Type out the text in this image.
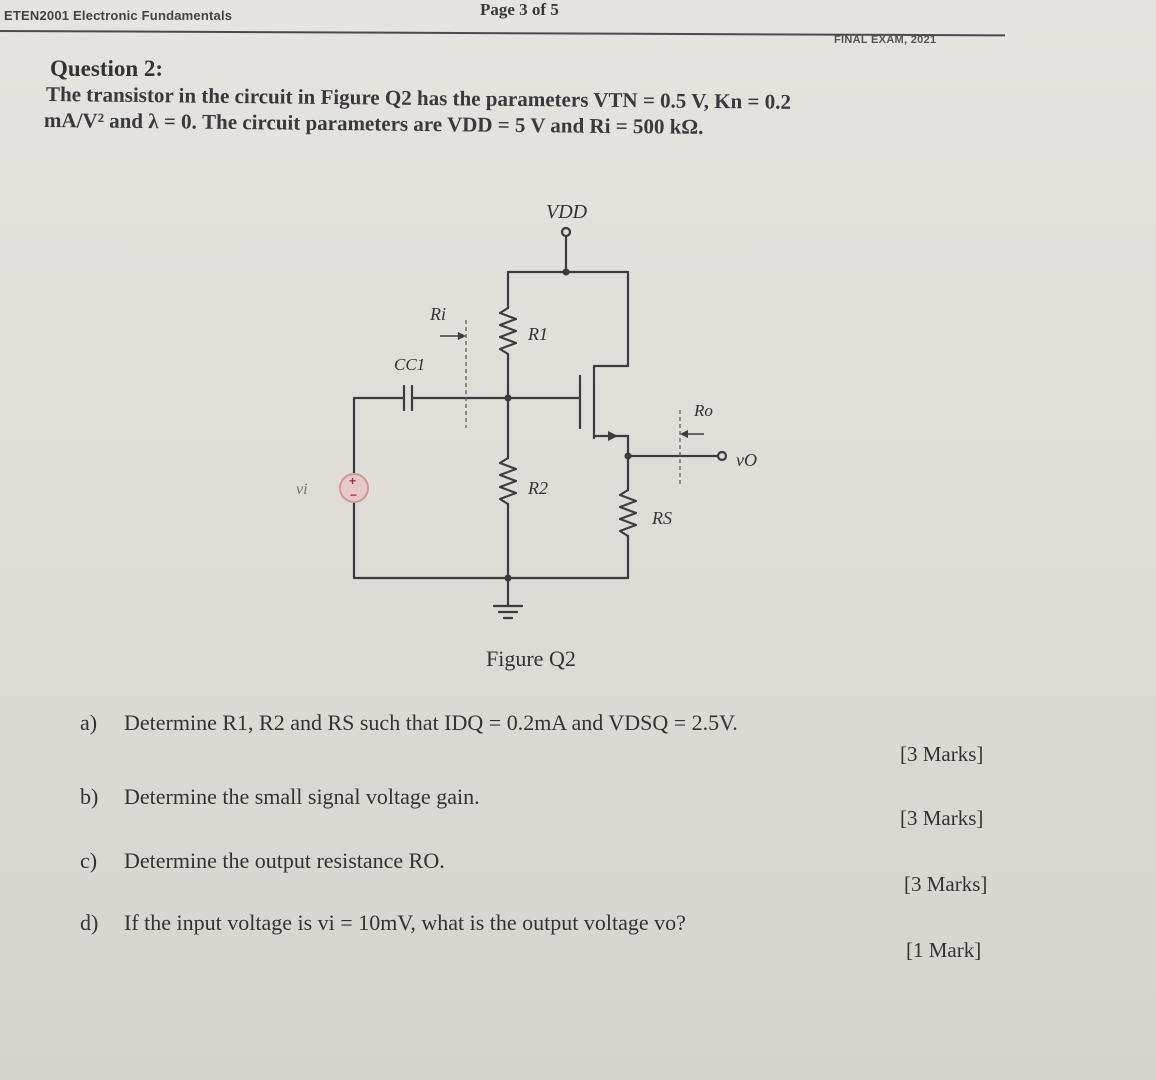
ETEN2001 Electronic Fundamentals	Page 3 of 5
FINAL EXAM, 2021
Question 2:
The transistor in the circuit in Figure Q2 has the parameters VTN = 0.5 V, Kn = 0.2
mA/V² and λ = 0. The circuit parameters are VDD = 5 V and Ri = 500 kΩ.
VDD
Ri
R1
CC1
Ro
vO
R2
RS
vi	+
−
Figure Q2
a) Determine R1, R2 and RS such that IDQ = 0.2mA and VDSQ = 2.5V.
[3 Marks]
b) Determine the small signal voltage gain.
[3 Marks]
c) Determine the output resistance RO.
[3 Marks]
d) If the input voltage is vi = 10mV, what is the output voltage vo?
[1 Mark]
